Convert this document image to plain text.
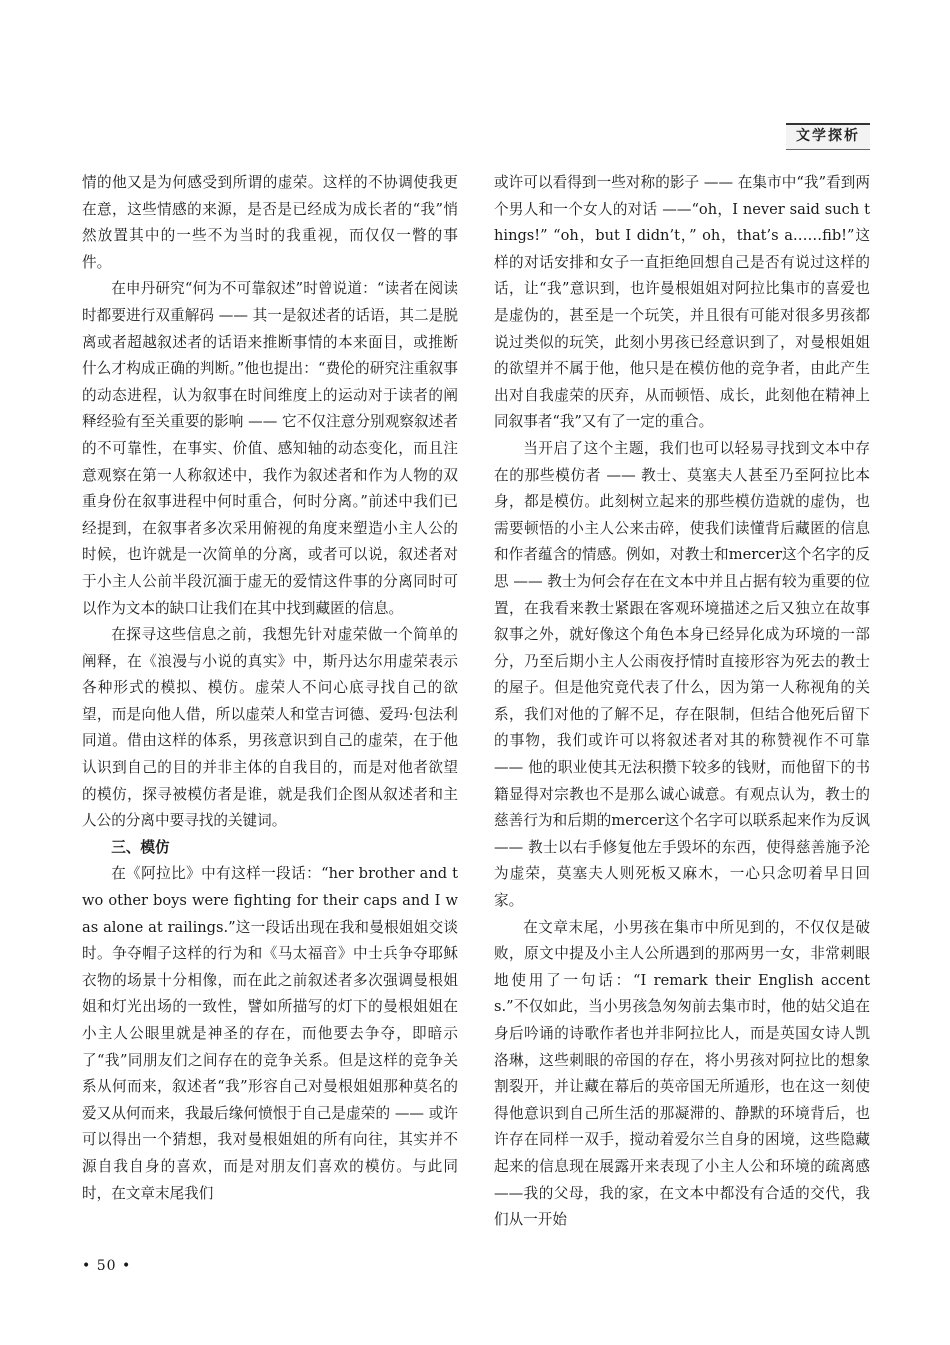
文学探析

情的他又是为何感受到所谓的虚荣。这样的不协调使我更在意，这些情感的来源，是否是已经成为成长者的“我”悄然放置其中的一些不为当时的我重视，而仅仅一瞥的事件。

在申丹研究“何为不可靠叙述”时曾说道：“读者在阅读时都要进行双重解码 —— 其一是叙述者的话语，其二是脱离或者超越叙述者的话语来推断事情的本来面目，或推断什么才构成正确的判断。”他也提出：“费伦的研究注重叙事的动态进程，认为叙事在时间维度上的运动对于读者的阐释经验有至关重要的影响 —— 它不仅注意分别观察叙述者的不可靠性，在事实、价值、感知轴的动态变化，而且注意观察在第一人称叙述中，我作为叙述者和作为人物的双重身份在叙事进程中何时重合，何时分离。”前述中我们已经提到，在叙事者多次采用俯视的角度来塑造小主人公的时候，也许就是一次简单的分离，或者可以说，叙述者对于小主人公前半段沉湎于虚无的爱情这件事的分离同时可以作为文本的缺口让我们在其中找到藏匿的信息。

在探寻这些信息之前，我想先针对虚荣做一个简单的阐释，在《浪漫与小说的真实》中，斯丹达尔用虚荣表示各种形式的模拟、模仿。虚荣人不问心底寻找自己的欲望，而是向他人借，所以虚荣人和堂吉诃德、爱玛·包法利同道。借由这样的体系，男孩意识到自己的虚荣，在于他认识到自己的目的并非主体的自我目的，而是对他者欲望的模仿，探寻被模仿者是谁，就是我们企图从叙述者和主人公的分离中要寻找的关键词。

三、模仿

在《阿拉比》中有这样一段话：“her brother and two other boys were fighting for their caps and I was alone at railings.”这一段话出现在我和曼根姐姐交谈时。争夺帽子这样的行为和《马太福音》中士兵争夺耶稣衣物的场景十分相像，而在此之前叙述者多次强调曼根姐姐和灯光出场的一致性，譬如所描写的灯下的曼根姐姐在小主人公眼里就是神圣的存在，而他要去争夺，即暗示了“我”同朋友们之间存在的竞争关系。但是这样的竞争关系从何而来，叙述者“我”形容自己对曼根姐姐那种莫名的爱又从何而来，我最后缘何愤恨于自己是虚荣的 —— 或许可以得出一个猜想，我对曼根姐姐的所有向往，其实并不源自我自身的喜欢，而是对朋友们喜欢的模仿。与此同时，在文章末尾我们

或许可以看得到一些对称的影子 —— 在集市中“我”看到两个男人和一个女人的对话 ——“oh，I never said such things!” “oh，but I didn’t，” oh，that’s a……fib!”这样的对话安排和女子一直拒绝回想自己是否有说过这样的话，让“我”意识到，也许曼根姐姐对阿拉比集市的喜爱也是虚伪的，甚至是一个玩笑，并且很有可能对很多男孩都说过类似的玩笑，此刻小男孩已经意识到了，对曼根姐姐的欲望并不属于他，他只是在模仿他的竞争者，由此产生出对自我虚荣的厌弃，从而顿悟、成长，此刻他在精神上同叙事者“我”又有了一定的重合。

当开启了这个主题，我们也可以轻易寻找到文本中存在的那些模仿者 —— 教士、莫塞夫人甚至乃至阿拉比本身，都是模仿。此刻树立起来的那些模仿造就的虚伪，也需要顿悟的小主人公来击碎，使我们读懂背后藏匿的信息和作者蕴含的情感。例如，对教士和mercer这个名字的反思 —— 教士为何会存在在文本中并且占据有较为重要的位置，在我看来教士紧跟在客观环境描述之后又独立在故事叙事之外，就好像这个角色本身已经异化成为环境的一部分，乃至后期小主人公雨夜抒情时直接形容为死去的教士的屋子。但是他究竟代表了什么，因为第一人称视角的关系，我们对他的了解不足，存在限制，但结合他死后留下的事物，我们或许可以将叙述者对其的称赞视作不可靠 —— 他的职业使其无法积攒下较多的钱财，而他留下的书籍显得对宗教也不是那么诚心诚意。有观点认为，教士的慈善行为和后期的mercer这个名字可以联系起来作为反讽 —— 教士以右手修复他左手毁坏的东西，使得慈善施予沦为虚荣，莫塞夫人则死板又麻木，一心只念叨着早日回家。

在文章末尾，小男孩在集市中所见到的，不仅仅是破败，原文中提及小主人公所遇到的那两男一女，非常刺眼地使用了一句话：“I remark their English accents.”不仅如此，当小男孩急匆匆前去集市时，他的姑父追在身后吟诵的诗歌作者也并非阿拉比人，而是英国女诗人凯洛琳，这些刺眼的帝国的存在，将小男孩对阿拉比的想象割裂开，并让藏在幕后的英帝国无所遁形，也在这一刻使得他意识到自己所生活的那凝滞的、静默的环境背后，也许存在同样一双手，搅动着爱尔兰自身的困境，这些隐藏起来的信息现在展露开来表现了小主人公和环境的疏离感——我的父母，我的家，在文本中都没有合适的交代，我们从一开始

• 50 •
